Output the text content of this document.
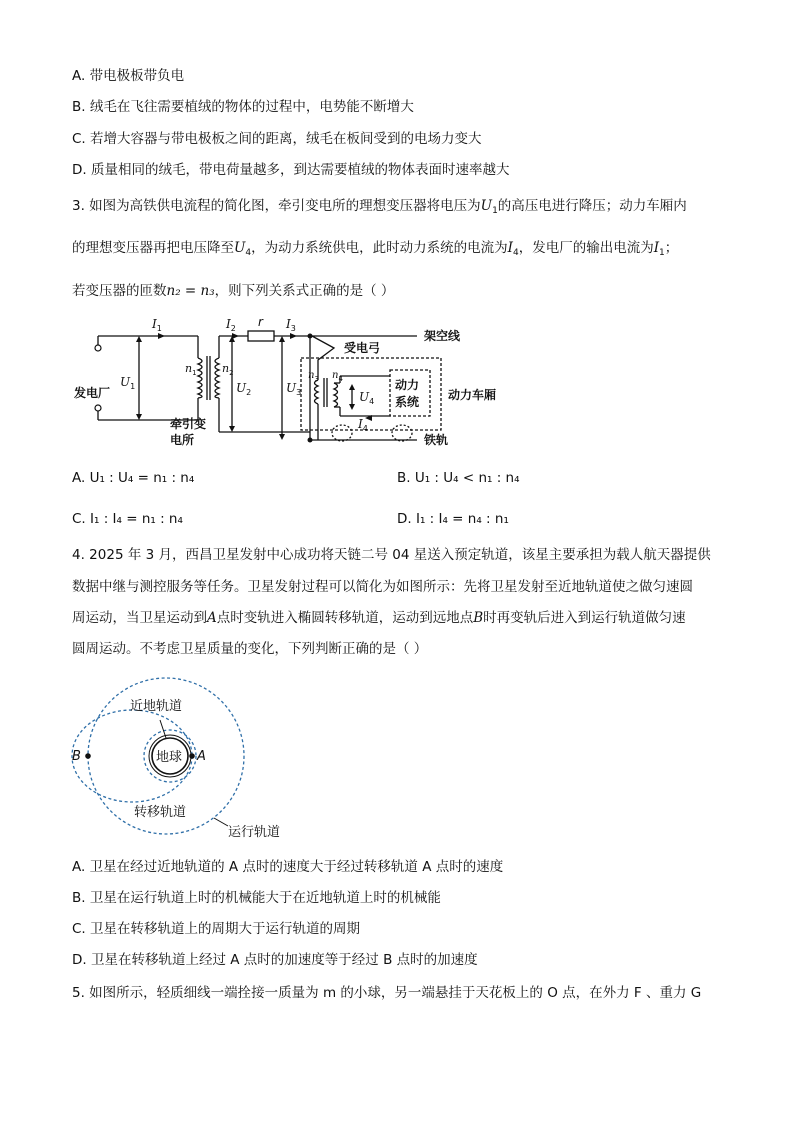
A. 带电极板带负电
B. 绒毛在飞往需要植绒的物体的过程中，电势能不断增大
C. 若增大容器与带电极板之间的距离，绒毛在板间受到的电场力变大
D. 质量相同的绒毛，带电荷量越多，到达需要植绒的物体表面时速率越大
3. 如图为高铁供电流程的简化图，牵引变电所的理想变压器将电压为$U_1$的高压电进行降压；动力车厢内
的理想变压器再把电压降至$U_4$，为动力系统供电，此时动力系统的电流为$I_4$，发电厂的输出电流为$I_1$；
若变压器的匝数n₂ = n₃，则下列关系式正确的是（ ）
$I_1$	$I_2$ r $I_3$
架空线
受电弓
发电厂
$U_1$
$n_1$ $n_2$
$U_2$	$U_3$
$n_3$ $n_4$
$U_4$
动力
系统 动力车厢
$I_4$
牵引变
电所	铁轨
A. U₁ : U₄ = n₁ : n₄	B. U₁ : U₄ < n₁ : n₄
C. I₁ : I₄ = n₁ : n₄	D. I₁ : I₄ = n₄ : n₁
4. 2025 年 3 月，西昌卫星发射中心成功将天链二号 04 星送入预定轨道，该星主要承担为载人航天器提供
数据中继与测控服务等任务。卫星发射过程可以简化为如图所示：先将卫星发射至近地轨道使之做匀速圆
周运动，当卫星运动到A点时变轨进入椭圆转移轨道，运动到远地点B时再变轨后进入到运行轨道做匀速
圆周运动。不考虑卫星质量的变化，下列判断正确的是（ ）
近地轨道
地球
B	A
转移轨道
运行轨道
A. 卫星在经过近地轨道的 A 点时的速度大于经过转移轨道 A 点时的速度
B. 卫星在运行轨道上时的机械能大于在近地轨道上时的机械能
C. 卫星在转移轨道上的周期大于运行轨道的周期
D. 卫星在转移轨道上经过 A 点时的加速度等于经过 B 点时的加速度
5. 如图所示，轻质细线一端拴接一质量为 m 的小球，另一端悬挂于天花板上的 O 点，在外力 F 、重力 G
